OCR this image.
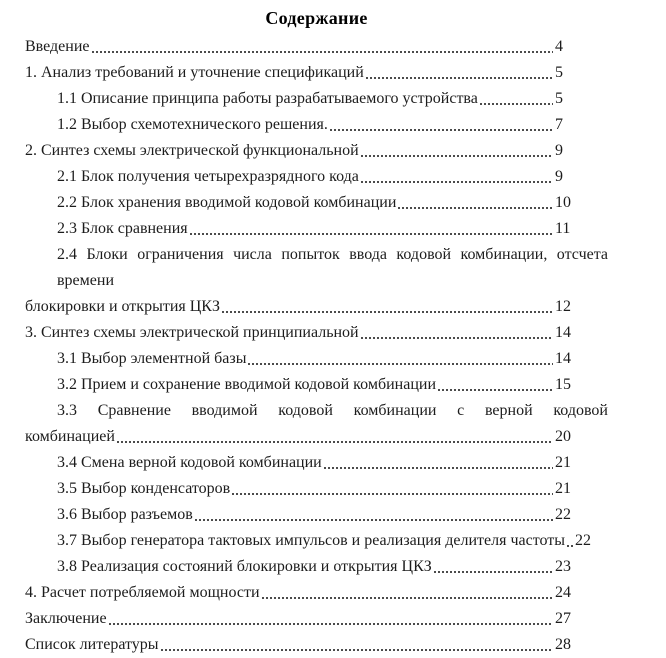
Содержание
Введение	4
1. Анализ требований и уточнение спецификаций	5
1.1 Описание принципа работы разрабатываемого устройства	5
1.2 Выбор схемотехнического решения.	7
2. Синтез схемы электрической функциональной	9
2.1 Блок получения четырехразрядного кода	9
2.2 Блок хранения вводимой кодовой комбинации	10
2.3 Блок сравнения	11
2.4 Блоки ограничения числа попыток ввода кодовой комбинации, отсчета времени
блокировки и открытия ЦКЗ	12
3. Синтез схемы электрической принципиальной	14
3.1 Выбор элементной базы	14
3.2 Прием и сохранение вводимой кодовой комбинации	15
3.3 Сравнение вводимой кодовой комбинации с верной кодовой
комбинацией	20
3.4 Смена верной кодовой комбинации	21
3.5 Выбор конденсаторов	21
3.6 Выбор разъемов	22
3.7 Выбор генератора тактовых импульсов и реализация делителя частоты 22
3.8 Реализация состояний блокировки и открытия ЦКЗ	23
4. Расчет потребляемой мощности	24
Заключение	27
Список литературы	28
